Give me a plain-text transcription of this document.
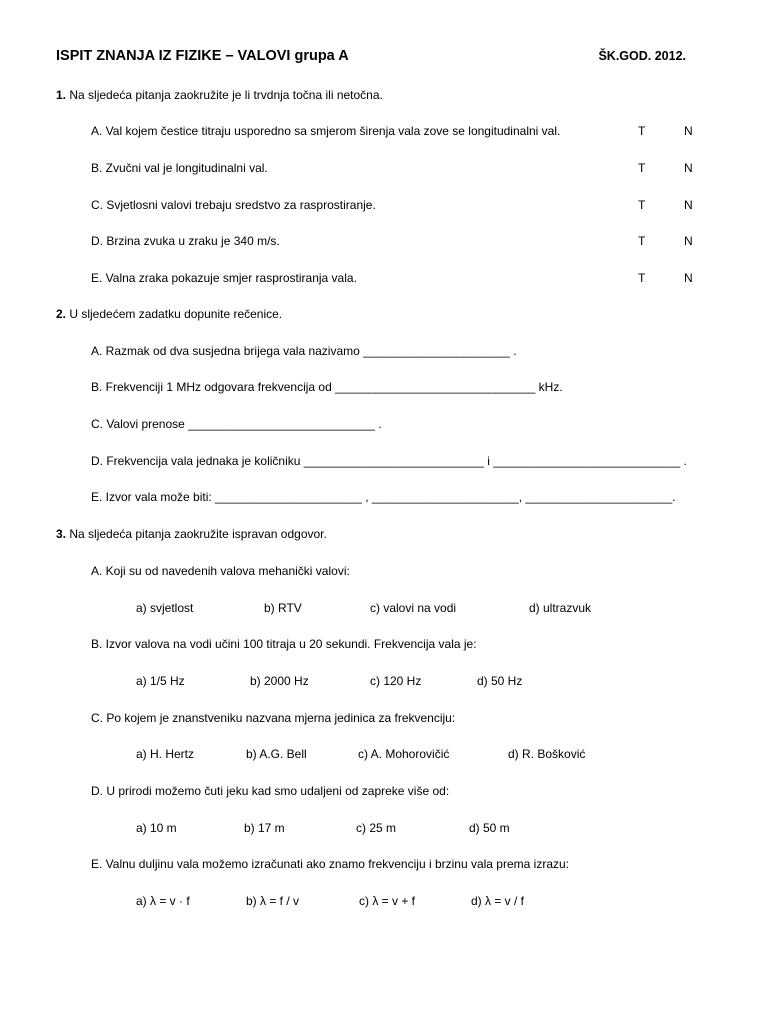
ISPIT ZNANJA IZ FIZIKE – VALOVI grupa A	ŠK.GOD. 2012.
1. Na sljedeća pitanja zaokružite je li trvdnja točna ili netočna.
A. Val kojem čestice titraju usporedno sa smjerom širenja vala zove se longitudinalni val.	T	N
B. Zvučni val je longitudinalni val.	T	N
C. Svjetlosni valovi trebaju sredstvo za rasprostiranje.	T	N
D. Brzina zvuka u zraku je 340 m/s.	T	N
E. Valna zraka pokazuje smjer rasprostiranja vala.	T	N
2. U sljedećem zadatku dopunite rečenice.
A. Razmak od dva susjedna brijega vala nazivamo ______________________ .
B. Frekvenciji 1 MHz odgovara frekvencija od ______________________________ kHz.
C. Valovi prenose ____________________________ .
D. Frekvencija vala jednaka je količniku ___________________________ i ____________________________ .
E. Izvor vala može biti: ______________________ , ______________________, ______________________.
3. Na sljedeća pitanja zaokružite ispravan odgovor.
A. Koji su od navedenih valova mehanički valovi:
a) svjetlost	b) RTV	c) valovi na vodi	d) ultrazvuk
B. Izvor valova na vodi učini 100 titraja u 20 sekundi. Frekvencija vala je:
a) 1/5 Hz	b) 2000 Hz	c) 120 Hz	d) 50 Hz
C. Po kojem je znanstveniku nazvana mjerna jedinica za frekvenciju:
a) H. Hertz	b) A.G. Bell	c) A. Mohorovičić	d) R. Bošković
D. U prirodi možemo čuti jeku kad smo udaljeni od zapreke više od:
a) 10 m	b) 17 m	c) 25 m	d) 50 m
E. Valnu duljinu vala možemo izračunati ako znamo frekvenciju i brzinu vala prema izrazu:
a) λ = v · f	b) λ = f / v	c) λ = v + f	d) λ = v / f
